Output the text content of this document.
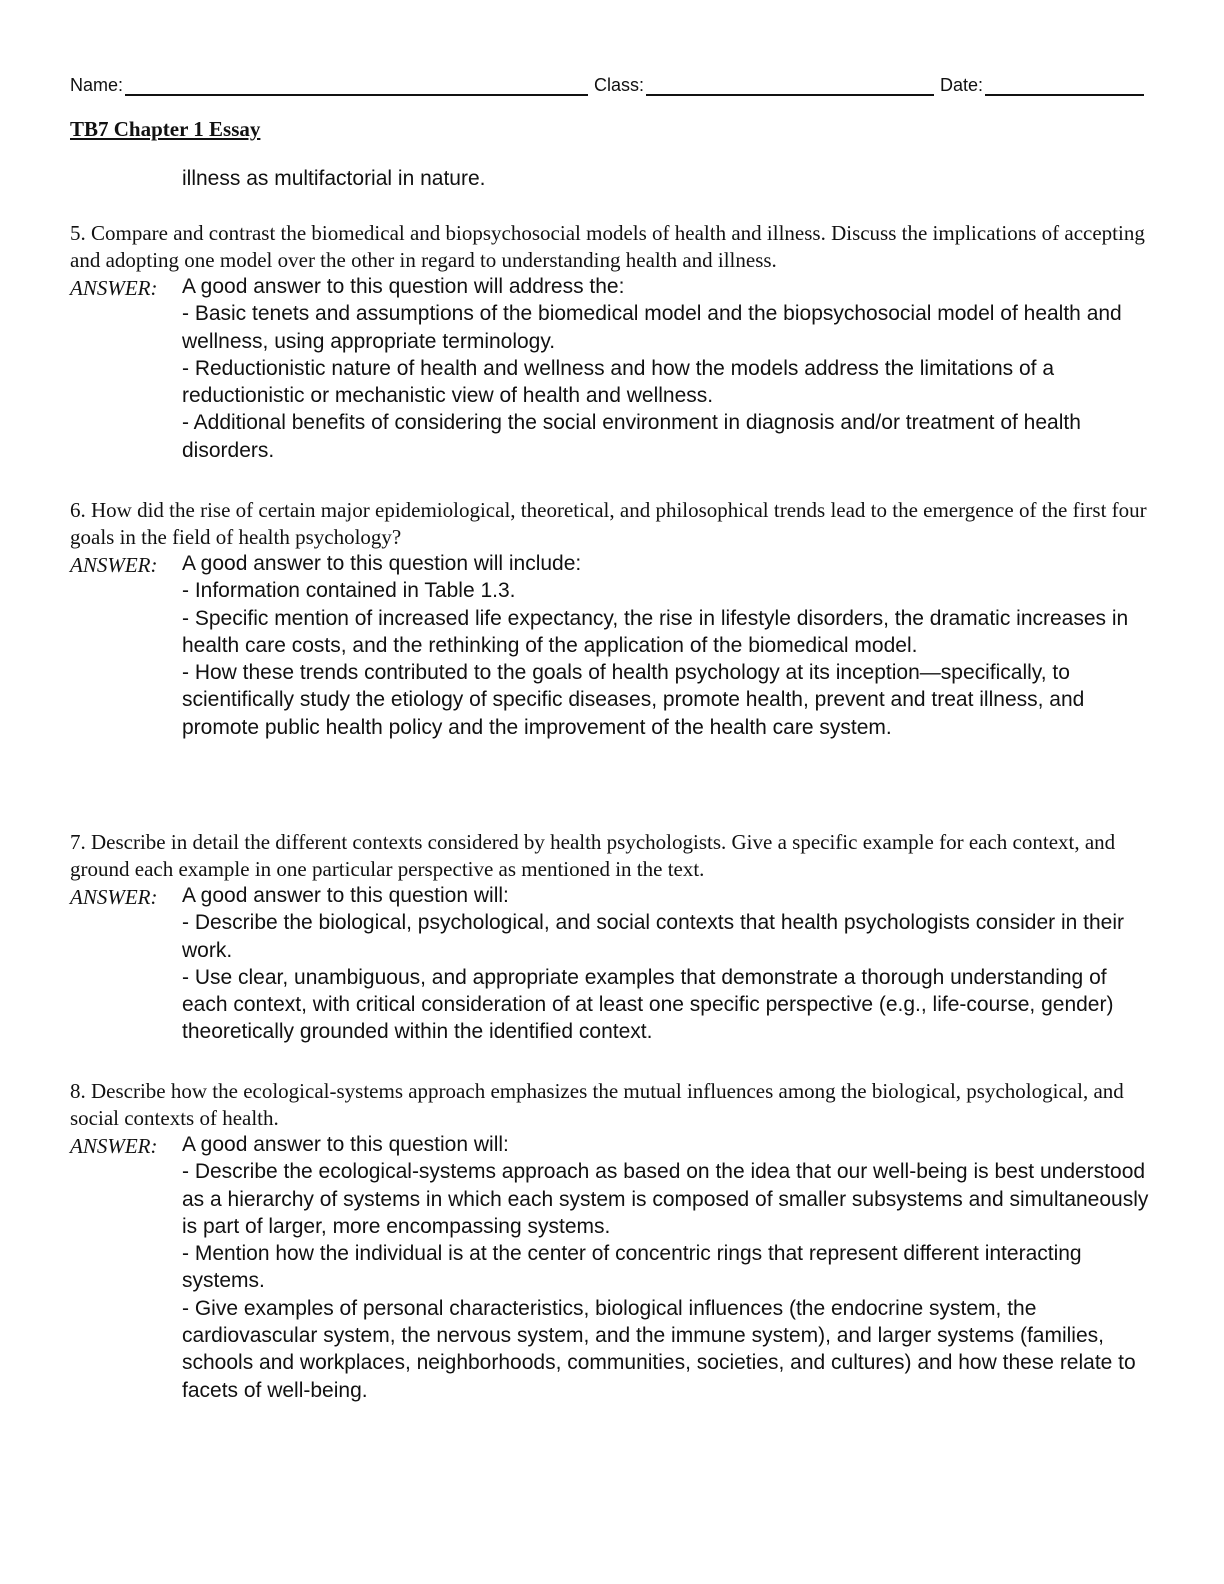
Name:	Class:	Date:
TB7 Chapter 1 Essay

illness as multifactorial in nature.

5. Compare and contrast the biomedical and biopsychosocial models of health and illness. Discuss the implications of accepting and adopting one model over the other in regard to understanding health and illness.

ANSWER: A good answer to this question will address the:
- Basic tenets and assumptions of the biomedical model and the biopsychosocial model of health and wellness, using appropriate terminology.
- Reductionistic nature of health and wellness and how the models address the limitations of a reductionistic or mechanistic view of health and wellness.
- Additional benefits of considering the social environment in diagnosis and/or treatment of health disorders.

6. How did the rise of certain major epidemiological, theoretical, and philosophical trends lead to the emergence of the first four goals in the field of health psychology?

ANSWER: A good answer to this question will include:
- Information contained in Table 1.3.
- Specific mention of increased life expectancy, the rise in lifestyle disorders, the dramatic increases in health care costs, and the rethinking of the application of the biomedical model.
- How these trends contributed to the goals of health psychology at its inception—specifically, to scientifically study the etiology of specific diseases, promote health, prevent and treat illness, and promote public health policy and the improvement of the health care system.

7. Describe in detail the different contexts considered by health psychologists. Give a specific example for each context, and ground each example in one particular perspective as mentioned in the text.

ANSWER: A good answer to this question will:
- Describe the biological, psychological, and social contexts that health psychologists consider in their work.
- Use clear, unambiguous, and appropriate examples that demonstrate a thorough understanding of each context, with critical consideration of at least one specific perspective (e.g., life-course, gender) theoretically grounded within the identified context.

8. Describe how the ecological-systems approach emphasizes the mutual influences among the biological, psychological, and social contexts of health.

ANSWER: A good answer to this question will:
- Describe the ecological-systems approach as based on the idea that our well-being is best understood as a hierarchy of systems in which each system is composed of smaller subsystems and simultaneously is part of larger, more encompassing systems.
- Mention how the individual is at the center of concentric rings that represent different interacting systems.
- Give examples of personal characteristics, biological influences (the endocrine system, the cardiovascular system, the nervous system, and the immune system), and larger systems (families, schools and workplaces, neighborhoods, communities, societies, and cultures) and how these relate to facets of well-being.
